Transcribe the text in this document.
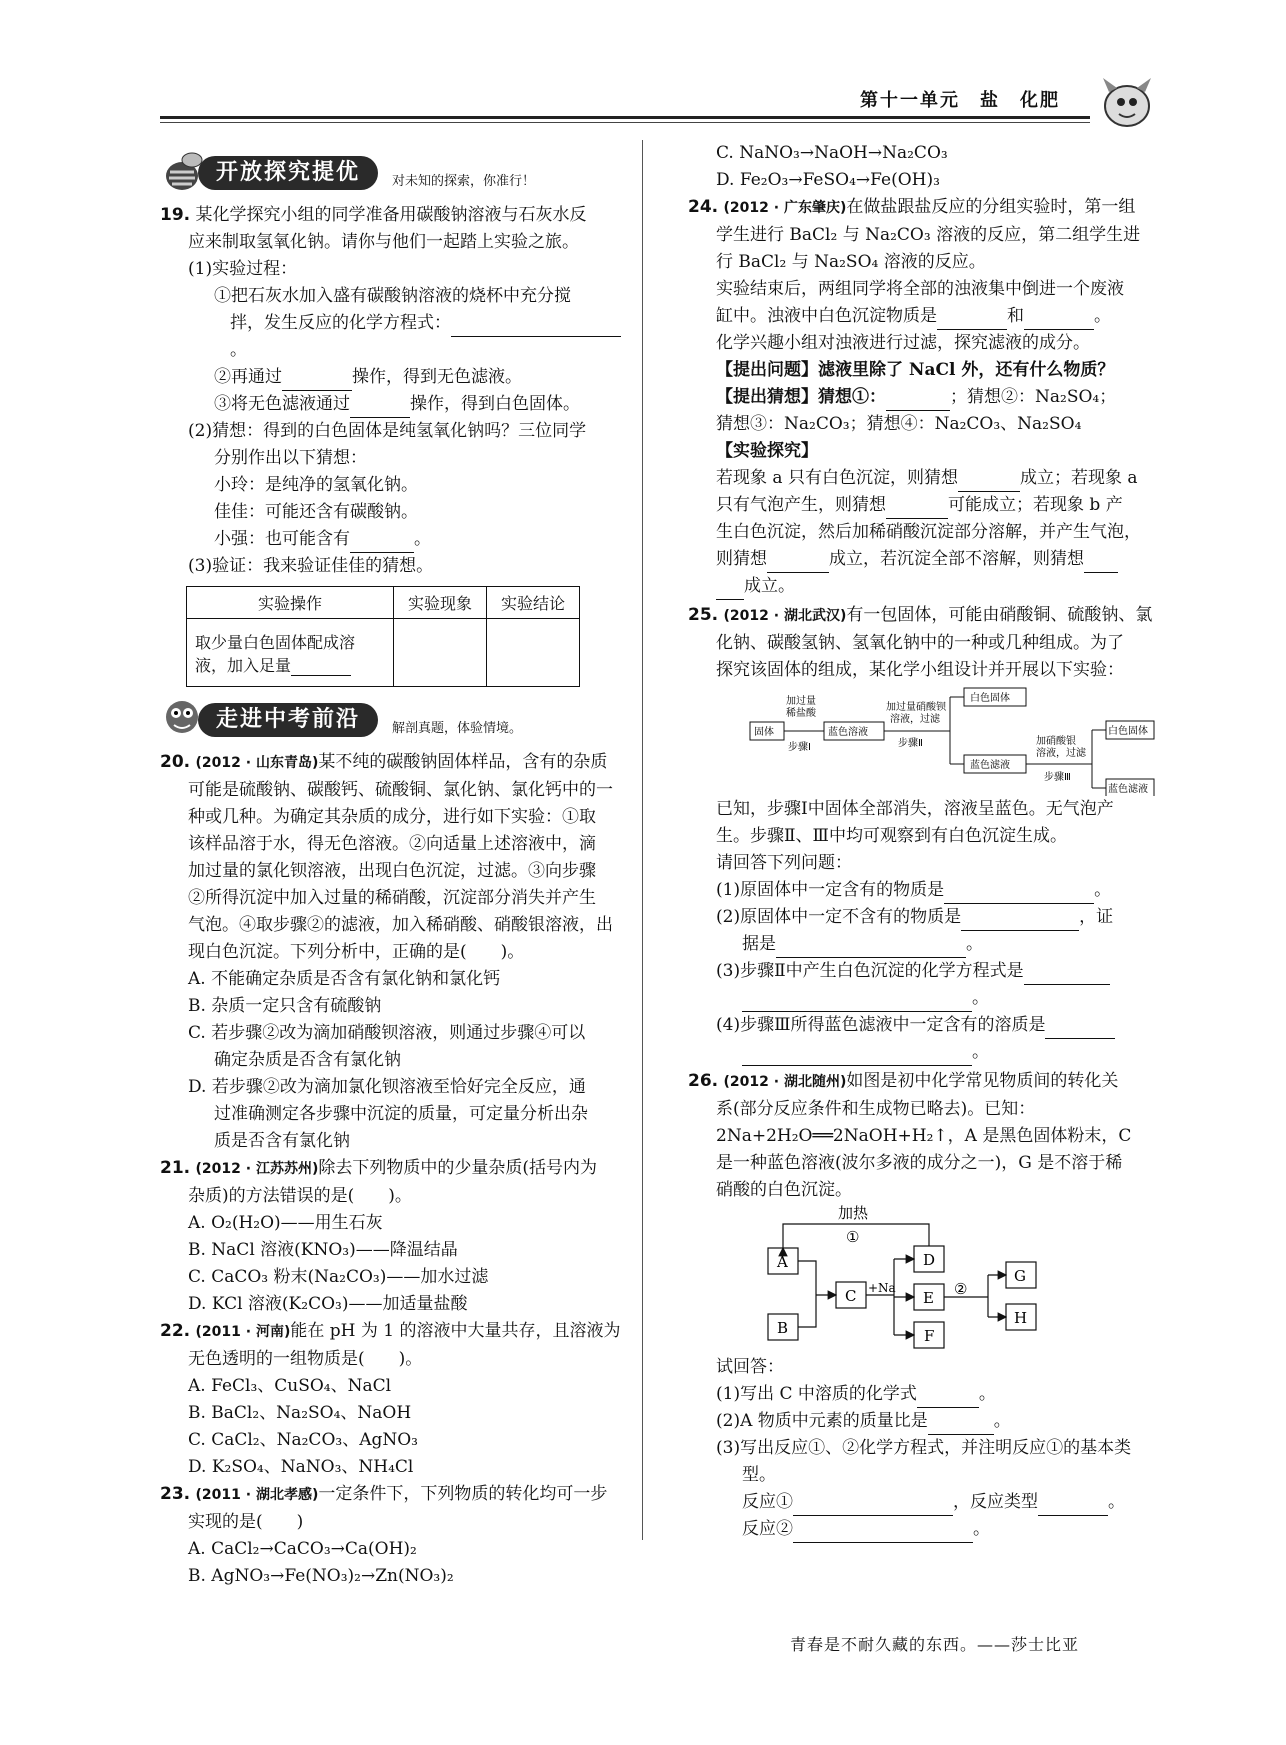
第十一单元　盐　化肥
开放探究提优	对未知的探索，你准行！

19. 某化学探究小组的同学准备用碳酸钠溶液与石灰水反

应来制取氢氧化钠。请你与他们一起踏上实验之旅。

(1)实验过程：

①把石灰水加入盛有碳酸钠溶液的烧杯中充分搅

拌，发生反应的化学方程式：。

②再通过	操作，得到无色滤液。

③将无色滤液通过	操作，得到白色固体。

(2)猜想：得到的白色固体是纯氢氧化钠吗？三位同学

分别作出以下猜想：

小玲：是纯净的氢氧化钠。

佳佳：可能还含有碳酸钠。

小强：也可能含有	。

(3)验证：我来验证佳佳的猜想。

实验操作	实验现象	实验结论

取少量白色固体配成溶
液，加入足量		

走进中考前沿	解剖真题，体验情境。

20. (2012 · 山东青岛)某不纯的碳酸钠固体样品，含有的杂质

可能是硫酸钠、碳酸钙、硫酸铜、氯化钠、氯化钙中的一

种或几种。为确定其杂质的成分，进行如下实验：①取

该样品溶于水，得无色溶液。②向适量上述溶液中，滴

加过量的氯化钡溶液，出现白色沉淀，过滤。③向步骤

②所得沉淀中加入过量的稀硝酸，沉淀部分消失并产生

气泡。④取步骤②的滤液，加入稀硝酸、硝酸银溶液，出

现白色沉淀。下列分析中，正确的是(　　)。

A. 不能确定杂质是否含有氯化钠和氯化钙

B. 杂质一定只含有硫酸钠

C. 若步骤②改为滴加硝酸钡溶液，则通过步骤④可以

确定杂质是否含有氯化钠

D. 若步骤②改为滴加氯化钡溶液至恰好完全反应，通

过准确测定各步骤中沉淀的质量，可定量分析出杂

质是否含有氯化钠

21. (2012 · 江苏苏州)除去下列物质中的少量杂质(括号内为

杂质)的方法错误的是(　　)。

A. O₂(H₂O)——用生石灰

B. NaCl 溶液(KNO₃)——降温结晶

C. CaCO₃ 粉末(Na₂CO₃)——加水过滤

D. KCl 溶液(K₂CO₃)——加适量盐酸

22. (2011 · 河南)能在 pH 为 1 的溶液中大量共存，且溶液为

无色透明的一组物质是(　　)。

A. FeCl₃、CuSO₄、NaCl

B. BaCl₂、Na₂SO₄、NaOH

C. CaCl₂、Na₂CO₃、AgNO₃

D. K₂SO₄、NaNO₃、NH₄Cl

23. (2011 · 湖北孝感)一定条件下，下列物质的转化均可一步

实现的是(　　)

A. CaCl₂→CaCO₃→Ca(OH)₂

B. AgNO₃→Fe(NO₃)₂→Zn(NO₃)₂

C. NaNO₃→NaOH→Na₂CO₃

D. Fe₂O₃→FeSO₄→Fe(OH)₃

24. (2012 · 广东肇庆)在做盐跟盐反应的分组实验时，第一组

学生进行 BaCl₂ 与 Na₂CO₃ 溶液的反应，第二组学生进

行 BaCl₂ 与 Na₂SO₄ 溶液的反应。

实验结束后，两组同学将全部的浊液集中倒进一个废液

缸中。浊液中白色沉淀物质是	和	。

化学兴趣小组对浊液进行过滤，探究滤液的成分。

【提出问题】滤液里除了 NaCl 外，还有什么物质？

【提出猜想】猜想①：	；猜想②：Na₂SO₄；

猜想③：Na₂CO₃；猜想④：Na₂CO₃、Na₂SO₄

【实验探究】

若现象 a 只有白色沉淀，则猜想	成立；若现象 a

只有气泡产生，则猜想	可能成立；若现象 b 产

生白色沉淀，然后加稀硝酸沉淀部分溶解，并产生气泡，

则猜想	成立，若沉淀全部不溶解，则猜想

成立。

25. (2012 · 湖北武汉)有一包固体，可能由硝酸铜、硫酸钠、氯

化钠、碳酸氢钠、氢氧化钠中的一种或几种组成。为了

探究该固体的组成，某化学小组设计并开展以下实验：

固体
加过量
稀盐酸
步骤Ⅰ
蓝色溶液
加过量硝酸钡
溶液，过滤
步骤Ⅱ
白色固体
蓝色滤液
加硝酸银
溶液，过滤
步骤Ⅲ
白色固体
蓝色滤液

已知，步骤Ⅰ中固体全部消失，溶液呈蓝色。无气泡产

生。步骤Ⅱ、Ⅲ中均可观察到有白色沉淀生成。

请回答下列问题：

(1)原固体中一定含有的物质是	。

(2)原固体中一定不含有的物质是	，证

据是	。

(3)步骤Ⅱ中产生白色沉淀的化学方程式是

。

(4)步骤Ⅲ所得蓝色滤液中一定含有的溶质是

。

26. (2012 · 湖北随州)如图是初中化学常见物质间的转化关

系(部分反应条件和生成物已略去)。已知：

2Na+2H₂O══2NaOH+H₂↑，A 是黑色固体粉末，C

是一种蓝色溶液(波尔多液的成分之一)，G 是不溶于稀

硝酸的白色沉淀。

加热
①
+Na	②
A
B
C
D
E
F
G
H

试回答：

(1)写出 C 中溶质的化学式	。

(2)A 物质中元素的质量比是	。

(3)写出反应①、②化学方程式，并注明反应①的基本类

型。

反应①	，反应类型	。

反应②	。

青春是不耐久藏的东西。——莎士比亚
